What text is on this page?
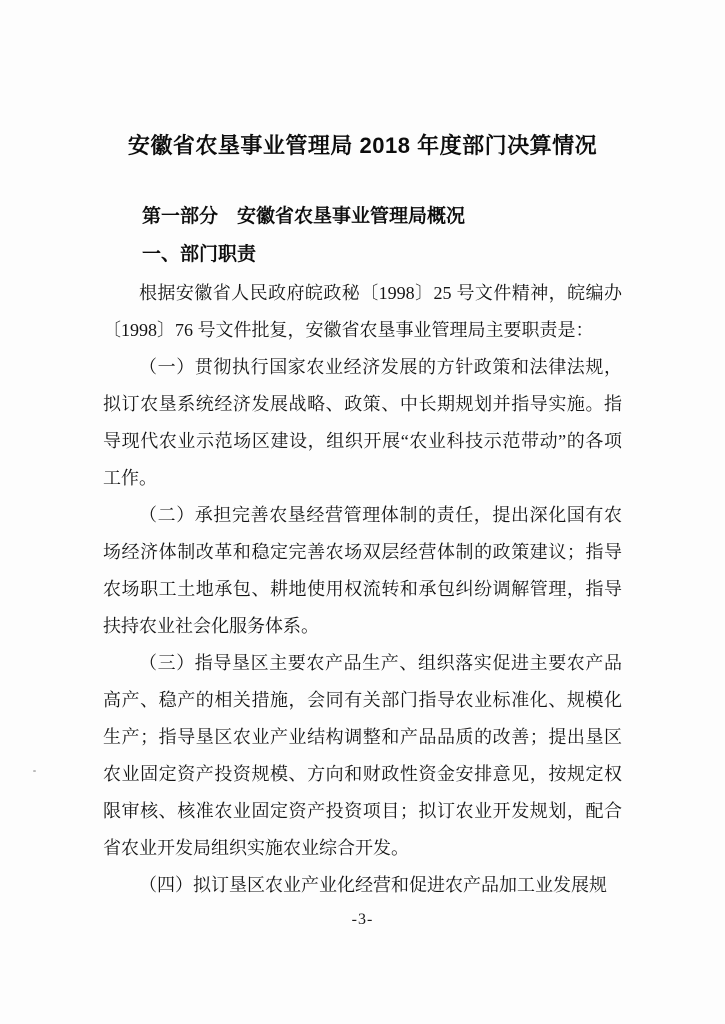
安徽省农垦事业管理局 2018 年度部门决算情况
第一部分　安徽省农垦事业管理局概况
一、部门职责

根据安徽省人民政府皖政秘〔1998〕25 号文件精神，皖编办〔1998〕76 号文件批复，安徽省农垦事业管理局主要职责是：

（一）贯彻执行国家农业经济发展的方针政策和法律法规，拟订农垦系统经济发展战略、政策、中长期规划并指导实施。指导现代农业示范场区建设，组织开展“农业科技示范带动”的各项工作。

（二）承担完善农垦经营管理体制的责任，提出深化国有农场经济体制改革和稳定完善农场双层经营体制的政策建议；指导农场职工土地承包、耕地使用权流转和承包纠纷调解管理，指导扶持农业社会化服务体系。

（三）指导垦区主要农产品生产、组织落实促进主要农产品高产、稳产的相关措施，会同有关部门指导农业标准化、规模化生产；指导垦区农业产业结构调整和产品品质的改善；提出垦区农业固定资产投资规模、方向和财政性资金安排意见，按规定权限审核、核准农业固定资产投资项目；拟订农业开发规划，配合省农业开发局组织实施农业综合开发。

（四）拟订垦区农业产业化经营和促进农产品加工业发展规

-3-
